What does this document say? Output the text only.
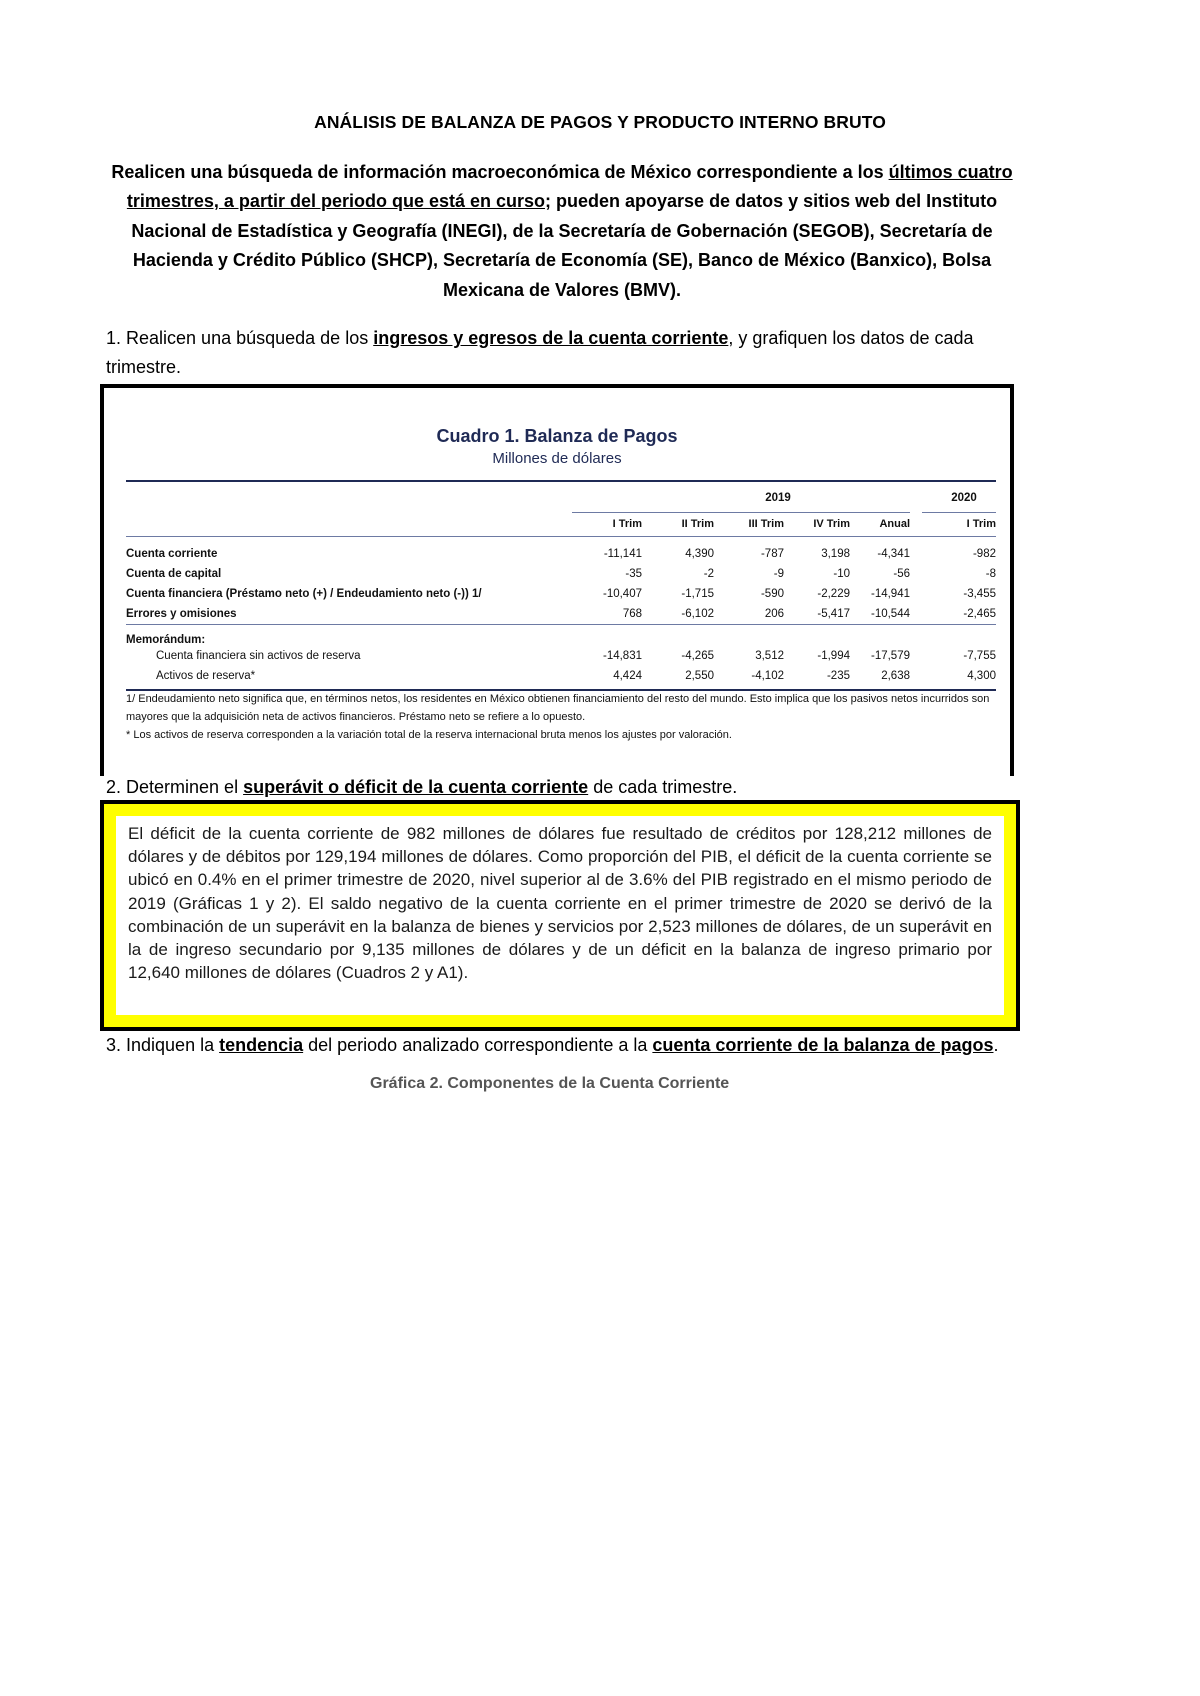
ANÁLISIS DE BALANZA DE PAGOS Y PRODUCTO INTERNO BRUTO
Realicen una búsqueda de información macroeconómica de México correspondiente a los últimos cuatro trimestres, a partir del periodo que está en curso; pueden apoyarse de datos y sitios web del Instituto Nacional de Estadística y Geografía (INEGI), de la Secretaría de Gobernación (SEGOB), Secretaría de Hacienda y Crédito Público (SHCP), Secretaría de Economía (SE), Banco de México (Banxico), Bolsa Mexicana de Valores (BMV).
1. Realicen una búsqueda de los ingresos y egresos de la cuenta corriente, y grafiquen los datos de cada trimestre.
Cuadro 1. Balanza de Pagos
Millones de dólares
2019	2020
I Trim	II Trim	III Trim	IV Trim	Anual	I Trim
Cuenta corriente	-11,141	4,390	-787	3,198	-4,341	-982
Cuenta de capital	-35	-2	-9	-10	-56	-8
Cuenta financiera (Préstamo neto (+) / Endeudamiento neto (-)) 1/	-10,407	-1,715	-590	-2,229	-14,941	-3,455
Errores y omisiones	768	-6,102	206	-5,417	-10,544	-2,465
Memorándum:
Cuenta financiera sin activos de reserva	-14,831	-4,265	3,512	-1,994	-17,579	-7,755
Activos de reserva*	4,424	2,550	-4,102	-235	2,638	4,300
1/ Endeudamiento neto significa que, en términos netos, los residentes en México obtienen financiamiento del resto del mundo. Esto implica que los pasivos netos incurridos son mayores que la adquisición neta de activos financieros. Préstamo neto se refiere a lo opuesto.
* Los activos de reserva corresponden a la variación total de la reserva internacional bruta menos los ajustes por valoración.
2. Determinen el superávit o déficit de la cuenta corriente de cada trimestre.
El déficit de la cuenta corriente de 982 millones de dólares fue resultado de créditos por 128,212 millones de dólares y de débitos por 129,194 millones de dólares. Como proporción del PIB, el déficit de la cuenta corriente se ubicó en 0.4% en el primer trimestre de 2020, nivel superior al de 3.6% del PIB registrado en el mismo periodo de 2019 (Gráficas 1 y 2). El saldo negativo de la cuenta corriente en el primer trimestre de 2020 se derivó de la combinación de un superávit en la balanza de bienes y servicios por 2,523 millones de dólares, de un superávit en la de ingreso secundario por 9,135 millones de dólares y de un déficit en la balanza de ingreso primario por 12,640 millones de dólares (Cuadros 2 y A1).
3. Indiquen la tendencia del periodo analizado correspondiente a la cuenta corriente de la balanza de pagos.
Gráfica 2. Componentes de la Cuenta Corriente
